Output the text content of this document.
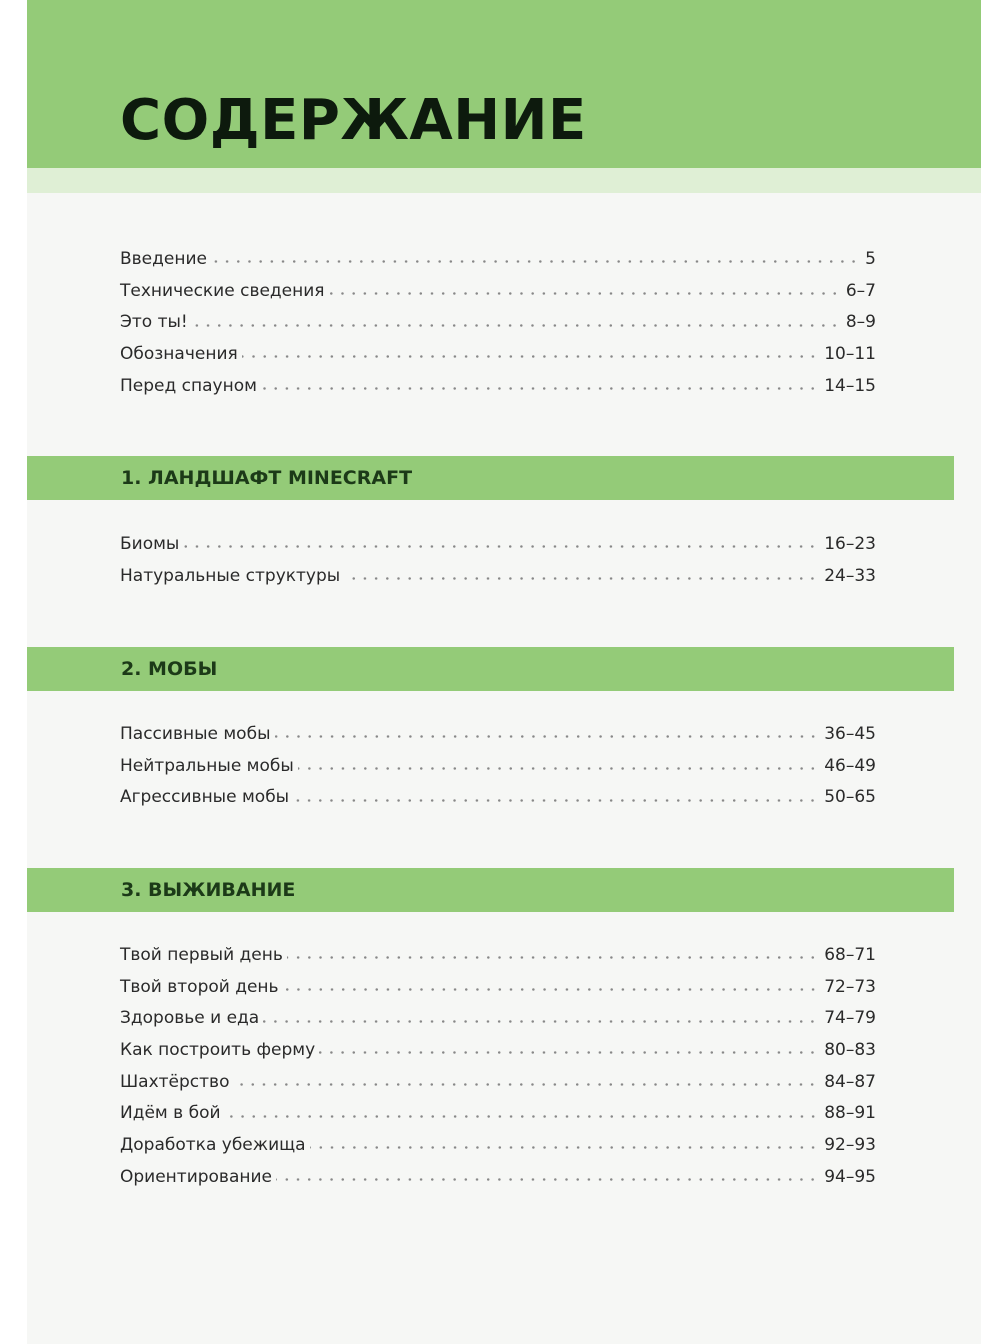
СОДЕРЖАНИЕ
Введение	5
Технические сведения	6–7
Это ты!	8–9
Обозначения	10–11
Перед спауном	14–15
1. ЛАНДШАФТ MINECRAFT
Биомы	16–23
Натуральные структуры	24–33
2. МОБЫ
Пассивные мобы	36–45
Нейтральные мобы	46–49
Агрессивные мобы	50–65
3. ВЫЖИВАНИЕ
Твой первый день	68–71
Твой второй день	72–73
Здоровье и еда	74–79
Как построить ферму	80–83
Шахтёрство	84–87
Идём в бой	88–91
Доработка убежища	92–93
Ориентирование	94–95
